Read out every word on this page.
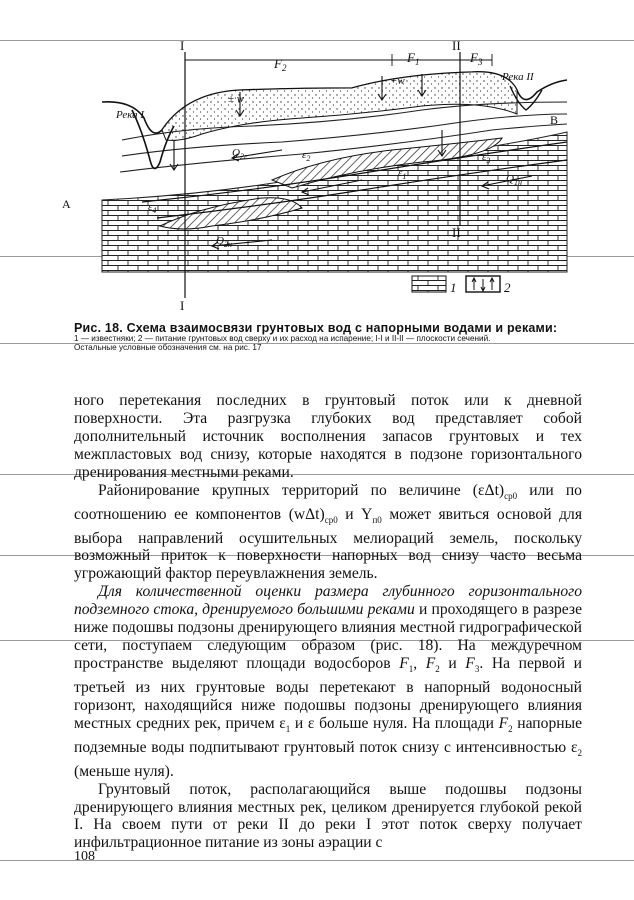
I
I
II
II
$F_2$
$F_1$	$F_3$
+w
± w
Река I
Река II
A
B
$Q_{2г}$	$\varepsilon_2$	$\varepsilon_3$
$\varepsilon_1$	$Q_{1н}$
$\varepsilon_4$
$Q_{2н}$
1	2
Рис. 18. Схема взаимосвязи грунтовых вод с напорными водами и реками:
1 — известняки; 2 — питание грунтовых вод сверху и их расход на испарение; I-I и II-II — плоскости сечений.
Остальные условные обозначения см. на рис. 17

ного перетекания последних в грунтовый поток или к дневной поверхности. Эта разгрузка глубоких вод представляет собой дополнительный источник восполнения запасов грунтовых и тех межпластовых вод снизу, которые находятся в подзоне горизонтального дренирования местными реками.

Районирование крупных территорий по величине $(\varepsilon\Delta t)_{ср0}$ или по соотношению ее компонентов $(w\Delta t)_{ср0}$ и $Y_{п0}$ может явиться основой для выбора направлений осушительных мелиораций земель, поскольку возможный приток к поверхности напорных вод снизу часто весьма угрожающий фактор переувлажнения земель.

Для количественной оценки размера глубинного горизонтального подземного стока, дренируемого большими реками и проходящего в разрезе ниже подошвы подзоны дренирующего влияния местной гидрографической сети, поступаем следующим образом (рис. 18). На междуречном пространстве выделяют площади водосборов $F_1$, $F_2$ и $F_3$. На первой и третьей из них грунтовые воды перетекают в напорный водоносный горизонт, находящийся ниже подошвы подзоны дренирующего влияния местных средних рек, причем $\varepsilon_1$ и ε больше нуля. На площади $F_2$ напорные подземные воды подпитывают грунтовый поток снизу с интенсивностью $\varepsilon_2$ (меньше нуля).

Грунтовый поток, располагающийся выше подошвы подзоны дренирующего влияния местных рек, целиком дренируется глубокой рекой I. На своем пути от реки II до реки I этот поток сверху получает инфильтрационное питание из зоны аэрации с

108
